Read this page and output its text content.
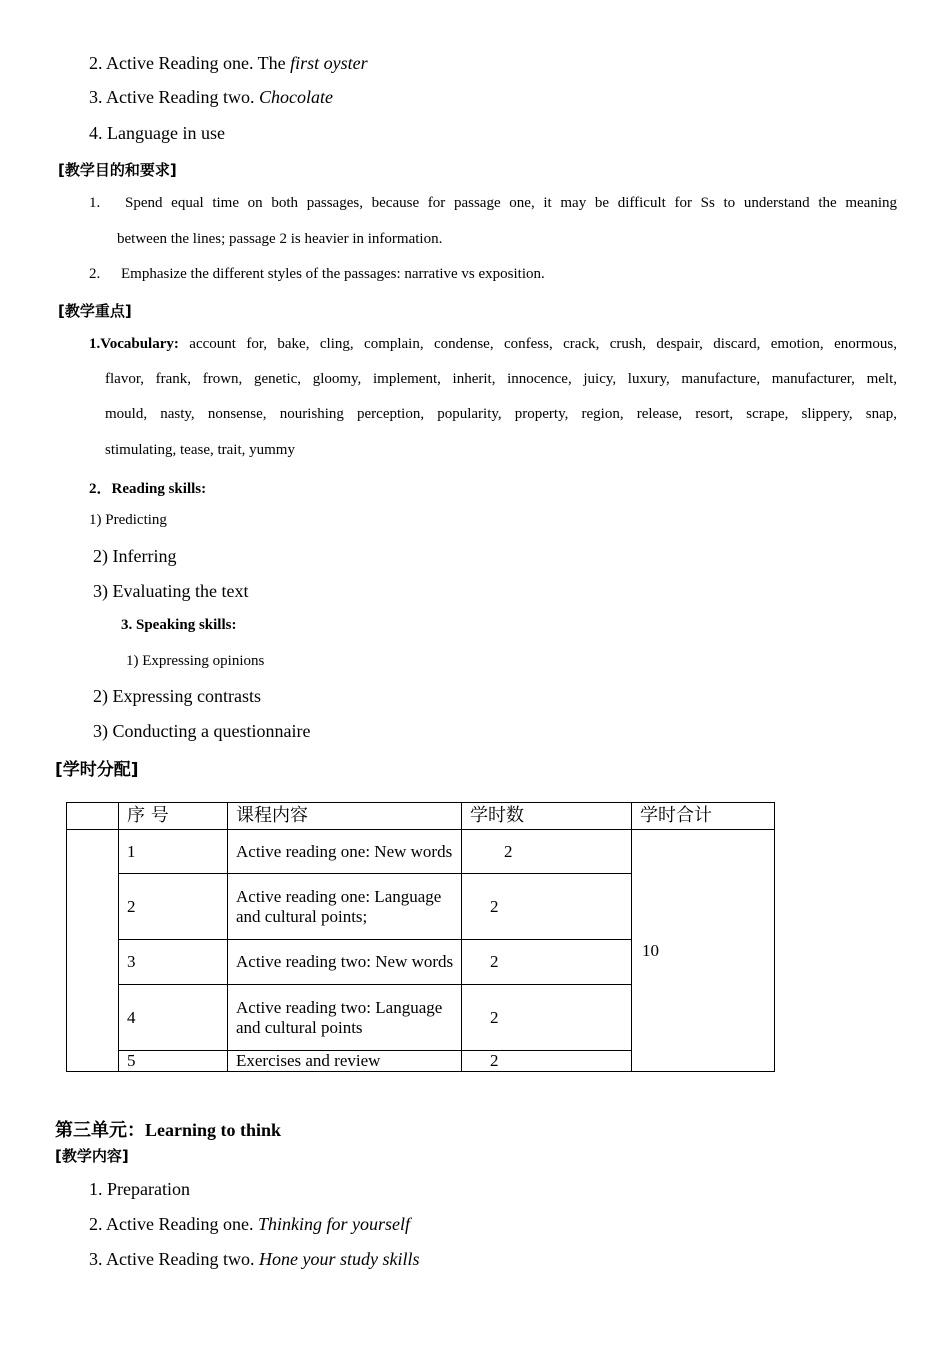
2. Active Reading one. The first oyster
3. Active Reading two. Chocolate
4. Language in use
[教学目的和要求]
1. Spend equal time on both passages, because for passage one, it may be difficult for Ss to understand the meaning
between the lines; passage 2 is heavier in information.
2. Emphasize the different styles of the passages: narrative vs exposition.
[教学重点]
1.Vocabulary: account for, bake, cling, complain, condense, confess, crack, crush, despair, discard, emotion, enormous,
flavor, frank, frown, genetic, gloomy, implement, inherit, innocence, juicy, luxury, manufacture, manufacturer, melt,
mould, nasty, nonsense, nourishing perception, popularity, property, region, release, resort, scrape, slippery, snap,
stimulating, tease, trait, yummy
2．Reading skills:
1) Predicting
2) Inferring
3) Evaluating the text
3. Speaking skills:
1) Expressing opinions
2) Expressing contrasts
3) Conducting a questionnaire
[学时分配]
	序 号	课程内容	学时数	学时合计
	1	Active reading one: New words	2	10
	2	Active reading one: Language and cultural points;	2	
	3	Active reading two: New words	2	
	4	Active reading two: Language and cultural points	2	
	5	Exercises and review	2	
第三单元：Learning to think
[教学内容]
1. Preparation
2. Active Reading one. Thinking for yourself
3. Active Reading two. Hone your study skills
